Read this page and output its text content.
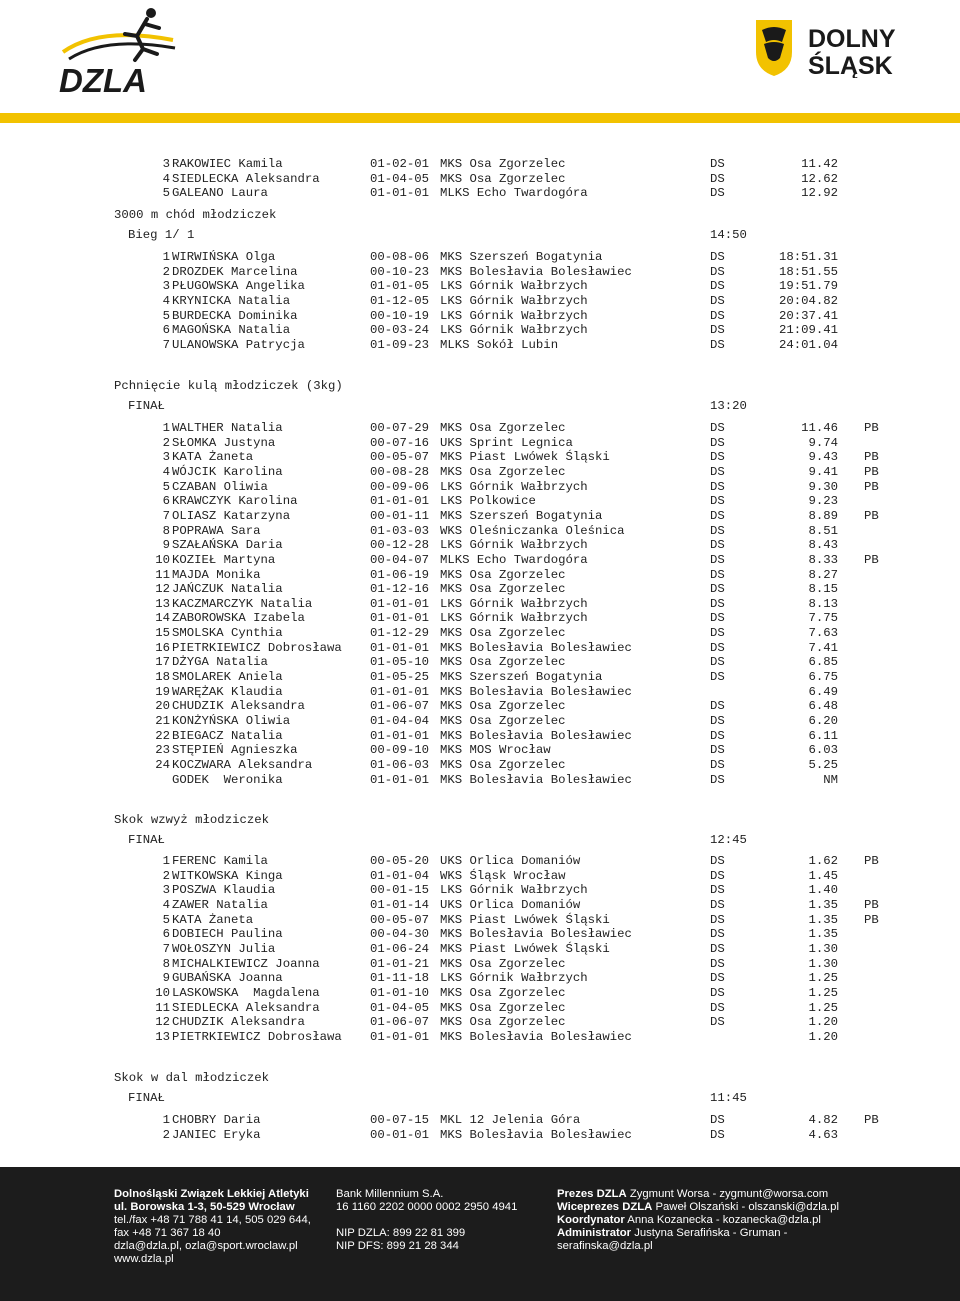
DZLA
DOLNY
ŚLĄSK
3 RAKOWIEC Kamila	01-02-01 MKS Osa Zgorzelec	DS	11.42
4 SIEDLECKA Aleksandra	01-04-05 MKS Osa Zgorzelec	DS	12.62
5 GALEANO Laura	01-01-01 MLKS Echo Twardogóra	DS	12.92
3000 m chód młodziczek
Bieg 1/ 1	14:50
1 WIRWIŃSKA Olga	00-08-06 MKS Szerszeń Bogatynia	DS	18:51.31
2 DROZDEK Marcelina	00-10-23 MKS Bolesłavia Bolesławiec	DS	18:51.55
3 PŁUGOWSKA Angelika	01-01-05 LKS Górnik Wałbrzych	DS	19:51.79
4 KRYNICKA Natalia	01-12-05 LKS Górnik Wałbrzych	DS	20:04.82
5 BURDECKA Dominika	00-10-19 LKS Górnik Wałbrzych	DS	20:37.41
6 MAGOŃSKA Natalia	00-03-24 LKS Górnik Wałbrzych	DS	21:09.41
7 ULANOWSKA Patrycja	01-09-23 MLKS Sokół Lubin	DS	24:01.04
Pchnięcie kulą młodziczek (3kg)
FINAŁ	13:20
1 WALTHER Natalia	00-07-29 MKS Osa Zgorzelec	DS	11.46 PB
2 SŁOMKA Justyna	00-07-16 UKS Sprint Legnica	DS	9.74
3 KATA Żaneta	00-05-07 MKS Piast Lwówek Śląski	DS	9.43 PB
4 WÓJCIK Karolina	00-08-28 MKS Osa Zgorzelec	DS	9.41 PB
5 CZABAN Oliwia	00-09-06 LKS Górnik Wałbrzych	DS	9.30 PB
6 KRAWCZYK Karolina	01-01-01 LKS Polkowice	DS	9.23
7 OLIASZ Katarzyna	00-01-11 MKS Szerszeń Bogatynia	DS	8.89 PB
8 POPRAWA Sara	01-03-03 WKS Oleśniczanka Oleśnica	DS	8.51
9 SZAŁAŃSKA Daria	00-12-28 LKS Górnik Wałbrzych	DS	8.43
10 KOZIEŁ Martyna	00-04-07 MLKS Echo Twardogóra	DS	8.33 PB
11 MAJDA Monika	01-06-19 MKS Osa Zgorzelec	DS	8.27
12 JAŃCZUK Natalia	01-12-16 MKS Osa Zgorzelec	DS	8.15
13 KACZMARCZYK Natalia	01-01-01 LKS Górnik Wałbrzych	DS	8.13
14 ZABOROWSKA Izabela	01-01-01 LKS Górnik Wałbrzych	DS	7.75
15 SMOLSKA Cynthia	01-12-29 MKS Osa Zgorzelec	DS	7.63
16 PIETRKIEWICZ Dobrosława 01-01-01 MKS Bolesłavia Bolesławiec	DS	7.41
17 DŻYGA Natalia	01-05-10 MKS Osa Zgorzelec	DS	6.85
18 SMOLAREK Aniela	01-05-25 MKS Szerszeń Bogatynia	DS	6.75
19 WARĘŻAK Klaudia	01-01-01 MKS Bolesłavia Bolesławiec	6.49
20 CHUDZIK Aleksandra	01-06-07 MKS Osa Zgorzelec	DS	6.48
21 KONŻYŃSKA Oliwia	01-04-04 MKS Osa Zgorzelec	DS	6.20
22 BIEGACZ Natalia	01-01-01 MKS Bolesłavia Bolesławiec	DS	6.11
23 STĘPIEŃ Agnieszka	00-09-10 MKS MOS Wrocław	DS	6.03
24 KOCZWARA Aleksandra	01-06-03 MKS Osa Zgorzelec	DS	5.25
GODEK  Weronika	01-01-01 MKS Bolesłavia Bolesławiec	DS	NM
Skok wzwyż młodziczek
FINAŁ	12:45
1 FERENC Kamila	00-05-20 UKS Orlica Domaniów	DS	1.62 PB
2 WITKOWSKA Kinga	01-01-04 WKS Śląsk Wrocław	DS	1.45
3 POSZWA Klaudia	00-01-15 LKS Górnik Wałbrzych	DS	1.40
4 ZAWER Natalia	01-01-14 UKS Orlica Domaniów	DS	1.35 PB
5 KATA Żaneta	00-05-07 MKS Piast Lwówek Śląski	DS	1.35 PB
6 DOBIECH Paulina	00-04-30 MKS Bolesłavia Bolesławiec	DS	1.35
7 WOŁOSZYN Julia	01-06-24 MKS Piast Lwówek Śląski	DS	1.30
8 MICHALKIEWICZ Joanna	01-01-21 MKS Osa Zgorzelec	DS	1.30
9 GUBAŃSKA Joanna	01-11-18 LKS Górnik Wałbrzych	DS	1.25
10 LASKOWSKA  Magdalena	01-01-10 MKS Osa Zgorzelec	DS	1.25
11 SIEDLECKA Aleksandra	01-04-05 MKS Osa Zgorzelec	DS	1.25
12 CHUDZIK Aleksandra	01-06-07 MKS Osa Zgorzelec	DS	1.20
13 PIETRKIEWICZ Dobrosława 01-01-01 MKS Bolesłavia Bolesławiec	1.20
Skok w dal młodziczek
FINAŁ	11:45
1 CHOBRY Daria	00-07-15 MKL 12 Jelenia Góra	DS	4.82 PB
2 JANIEC Eryka	00-01-01 MKS Bolesłavia Bolesławiec	DS	4.63
Dolnośląski Związek Lekkiej Atletyki
ul. Borowska 1-3, 50-529 Wrocław
tel./fax +48 71 788 41 14, 505 029 644,
fax +48 71 367 18 40
dzla@dzla.pl, ozla@sport.wroclaw.pl
www.dzla.pl
Bank Millennium S.A.
16 1160 2202 0000 0002 2950 4941
NIP DZLA: 899 22 81 399
NIP DFS: 899 21 28 344
Prezes DZLA Zygmunt Worsa - zygmunt@worsa.com
Wiceprezes DZLA Paweł Olszański - olszanski@dzla.pl
Koordynator Anna Kozanecka - kozanecka@dzla.pl
Administrator Justyna Serafińska - Gruman -
serafinska@dzla.pl
